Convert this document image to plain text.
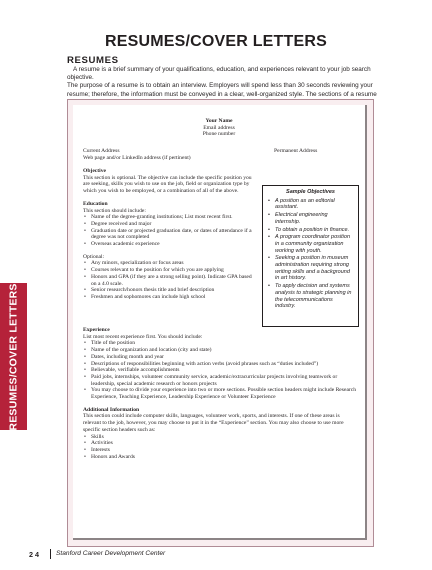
RESUMES/COVER LETTERS
RESUMES/COVER LETTERS
RESUMES

A resume is a brief summary of your qualifications, education, and experiences relevant to your job search objective.

The purpose of a resume is to obtain an interview. Employers will spend less than 30 seconds reviewing your resume; therefore, the information must be conveyed in a clear, well-organized style. The sections of a resume

Your Name
Email address
Phone number
Current Address
Web page and/or LinkedIn address (if pertinent)
Permanent Address
Objective

This section is optional. The objective can include the specific position you are seeking, skills you wish to use on the job, field or organization type by which you wish to be employed, or a combination of all of the above.

Education

This section should include:

• Name of the degree-granting institutions; List most recent first.
• Degree received and major
• Graduation date or projected graduation date, or dates of attendance if a degree was not completed
• Overseas academic experience

Optional:

• Any minors, specialization or focus areas
• Courses relevant to the position for which you are applying
• Honors and GPA (if they are a strong selling point). Indicate GPA based on a 4.0 scale.
• Senior research/honors thesis title and brief description
• Freshmen and sophomores can include high school
Sample Objectives
• A position as an editorial assistant.
• Electrical engineering internship.
• To obtain a position in finance.
• A program coordinator position in a community organization working with youth.
• Seeking a position in museum administration requiring strong writing skills and a background in art history.
• To apply decision and systems analysis to strategic planning in the telecommunications industry.
Experience

List most recent experience first. You should include:

• Title of the position
• Name of the organization and location (city and state)
• Dates, including month and year
• Descriptions of responsibilities beginning with action verbs (avoid phrases such as “duties included”)
• Believable, verifiable accomplishments
• Paid jobs, internships, volunteer community service, academic/extracurricular projects involving teamwork or leadership, special academic research or honors projects
• You may choose to divide your experience into two or more sections. Possible section headers might include Research Experience, Teaching Experience, Leadership Experience or Volunteer Experience
Additional Information

This section could include computer skills, languages, volunteer work, sports, and interests. If one of these areas is relevant to the job, however, you may choose to put it in the “Experience” section. You may also choose to use more specific section headers such as:

• Skills
• Activities
• Interests
• Honors and Awards
24 Stanford Career Development Center
